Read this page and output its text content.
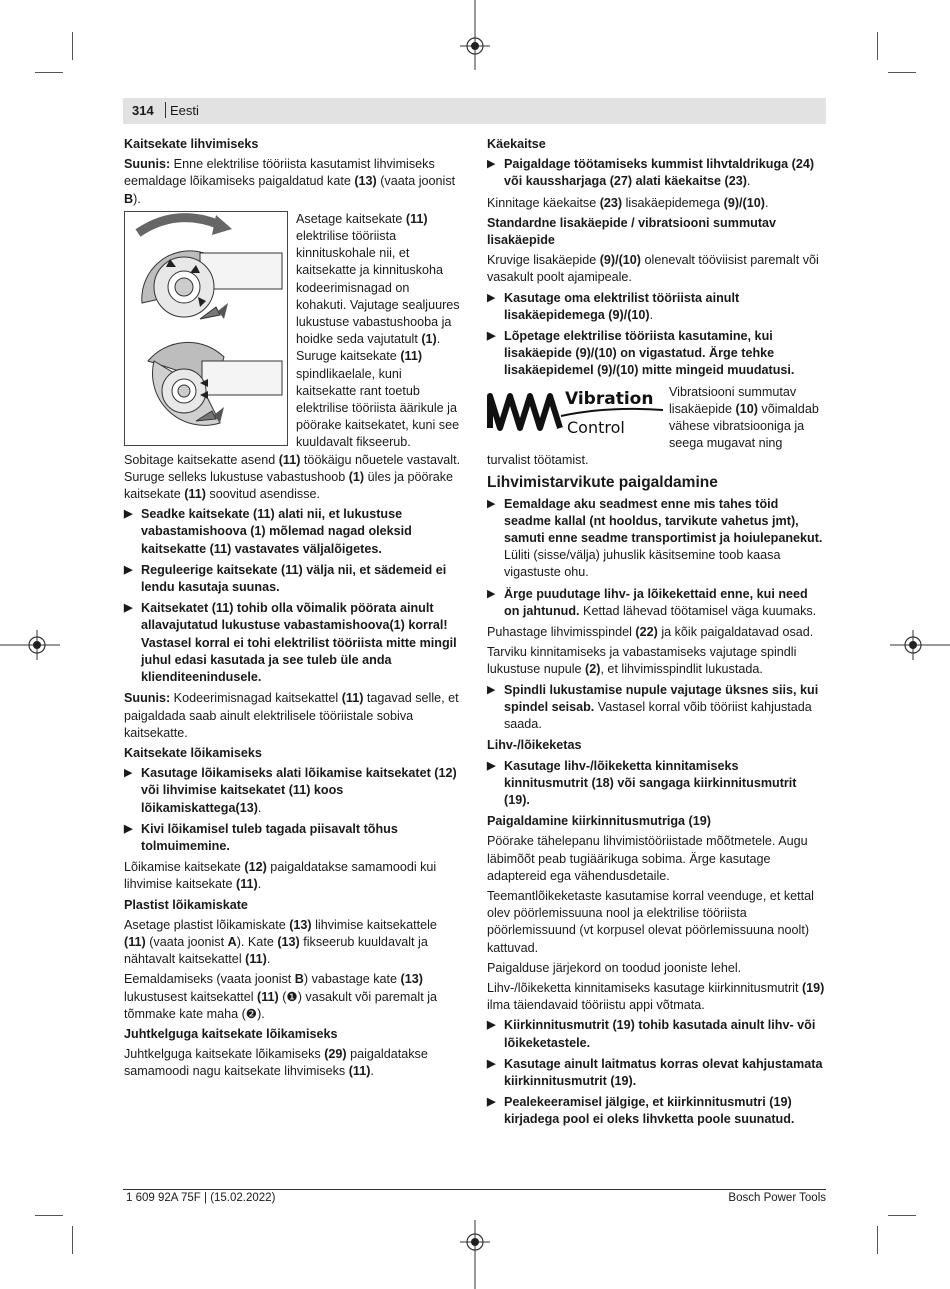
314 Eesti

Kaitsekate lihvimiseks

Suunis: Enne elektrilise tööriista kasutamist lihvimiseks eemaldage lõikamiseks paigaldatud kate (13) (vaata joonist B).

Asetage kaitsekate (11) elektrilise tööriista kinnituskohale nii, et kaitsekatte ja kinnituskoha kodeerimisnagad on kohakuti. Vajutage sealjuures lukustuse vabastushooba ja hoidke seda vajutatult (1). Suruge kaitsekate (11) spindlikaelale, kuni kaitsekatte rant toetub elektrilise tööriista äärikule ja pöörake kaitsekatet, kuni see kuuldavalt fikseerub. Sobitage kaitsekatte asend (11) töökäigu nõuetele vastavalt. Suruge selleks lukustuse vabastushoob (1) üles ja pöörake kaitsekate (11) soovitud asendisse.

▶ Seadke kaitsekate (11) alati nii, et lukustuse vabastamishoova (1) mõlemad nagad oleksid kaitsekatte (11) vastavates väljalõigetes.
▶ Reguleerige kaitsekate (11) välja nii, et sädemeid ei lendu kasutaja suunas.
▶ Kaitsekatet (11) tohib olla võimalik pöörata ainult allavajutatud lukustuse vabastamishoova(1) korral! Vastasel korral ei tohi elektrilist tööriista mitte mingil juhul edasi kasutada ja see tuleb üle anda klienditeenindusele.

Suunis: Kodeerimisnagad kaitsekattel (11) tagavad selle, et paigaldada saab ainult elektrilisele tööriistale sobiva kaitsekatte.

Kaitsekate lõikamiseks

▶ Kasutage lõikamiseks alati lõikamise kaitsekatet (12) või lihvimise kaitsekatet (11) koos lõikamiskattega(13).
▶ Kivi lõikamisel tuleb tagada piisavalt tõhus tolmuimemine.

Lõikamise kaitsekate (12) paigaldatakse samamoodi kui lihvimise kaitsekate (11).

Plastist lõikamiskate

Asetage plastist lõikamiskate (13) lihvimise kaitsekattele (11) (vaata joonist A). Kate (13) fikseerub kuuldavalt ja nähtavalt kaitsekattel (11).

Eemaldamiseks (vaata joonist B) vabastage kate (13) lukustusest kaitsekattel (11) (❶) vasakult või paremalt ja tõmmake kate maha (❷).

Juhtkelguga kaitsekate lõikamiseks

Juhtkelguga kaitsekate lõikamiseks (29) paigaldatakse samamoodi nagu kaitsekate lihvimiseks (11).

Käekaitse

▶ Paigaldage töötamiseks kummist lihvtaldrikuga (24) või kaussharjaga (27) alati käekaitse (23).

Kinnitage käekaitse (23) lisakäepidemega (9)/(10).

Standardne lisakäepide / vibratsiooni summutav lisakäepide

Kruvige lisakäepide (9)/(10) olenevalt tööviisist paremalt või vasakult poolt ajamipeale.

▶ Kasutage oma elektrilist tööriista ainult lisakäepidemega (9)/(10).
▶ Lõpetage elektrilise tööriista kasutamine, kui lisakäepide (9)/(10) on vigastatud. Ärge tehke lisakäepidemel (9)/(10) mitte mingeid muudatusi.
Vibration
Control

Vibratsiooni summutav lisakäepide (10) võimaldab vähese vibratsiooniga ja seega mugavat ning turvalist töötamist.

Lihvimistarvikute paigaldamine

▶ Eemaldage aku seadmest enne mis tahes töid seadme kallal (nt hooldus, tarvikute vahetus jmt), samuti enne seadme transportimist ja hoiulepanekut. Lüliti (sisse/välja) juhuslik käsitsemine toob kaasa vigastuste ohu.
▶ Ärge puudutage lihv- ja lõikekettaid enne, kui need on jahtunud. Kettad lähevad töötamisel väga kuumaks.

Puhastage lihvimisspindel (22) ja kõik paigaldatavad osad.

Tarviku kinnitamiseks ja vabastamiseks vajutage spindli lukustuse nupule (2), et lihvimisspindlit lukustada.

▶ Spindli lukustamise nupule vajutage üksnes siis, kui spindel seisab. Vastasel korral võib tööriist kahjustada saada.

Lihv-/lõikeketas

▶ Kasutage lihv-/lõikeketta kinnitamiseks kinnitusmutrit (18) või sangaga kiirkinnitusmutrit (19).

Paigaldamine kiirkinnitusmutriga (19)

Pöörake tähelepanu lihvimistööriistade mõõtmetele. Augu läbimõõt peab tugiäärikuga sobima. Ärge kasutage adaptereid ega vähendusdetaile.

Teemantlõikeketaste kasutamise korral veenduge, et kettal olev pöörlemissuuna nool ja elektrilise tööriista pöörlemissuund (vt korpusel olevat pöörlemissuuna noolt) kattuvad.

Paigalduse järjekord on toodud jooniste lehel.

Lihv-/lõikeketta kinnitamiseks kasutage kiirkinnitusmutrit (19) ilma täiendavaid tööriistu appi võtmata.

▶ Kiirkinnitusmutrit (19) tohib kasutada ainult lihv- või lõikeketastele.
▶ Kasutage ainult laitmatus korras olevat kahjustamata kiirkinnitusmutrit (19).
▶ Pealekeeramisel jälgige, et kiirkinnitusmutri (19) kirjadega pool ei oleks lihvketta poole suunatud.
1 609 92A 75F | (15.02.2022)	Bosch Power Tools
